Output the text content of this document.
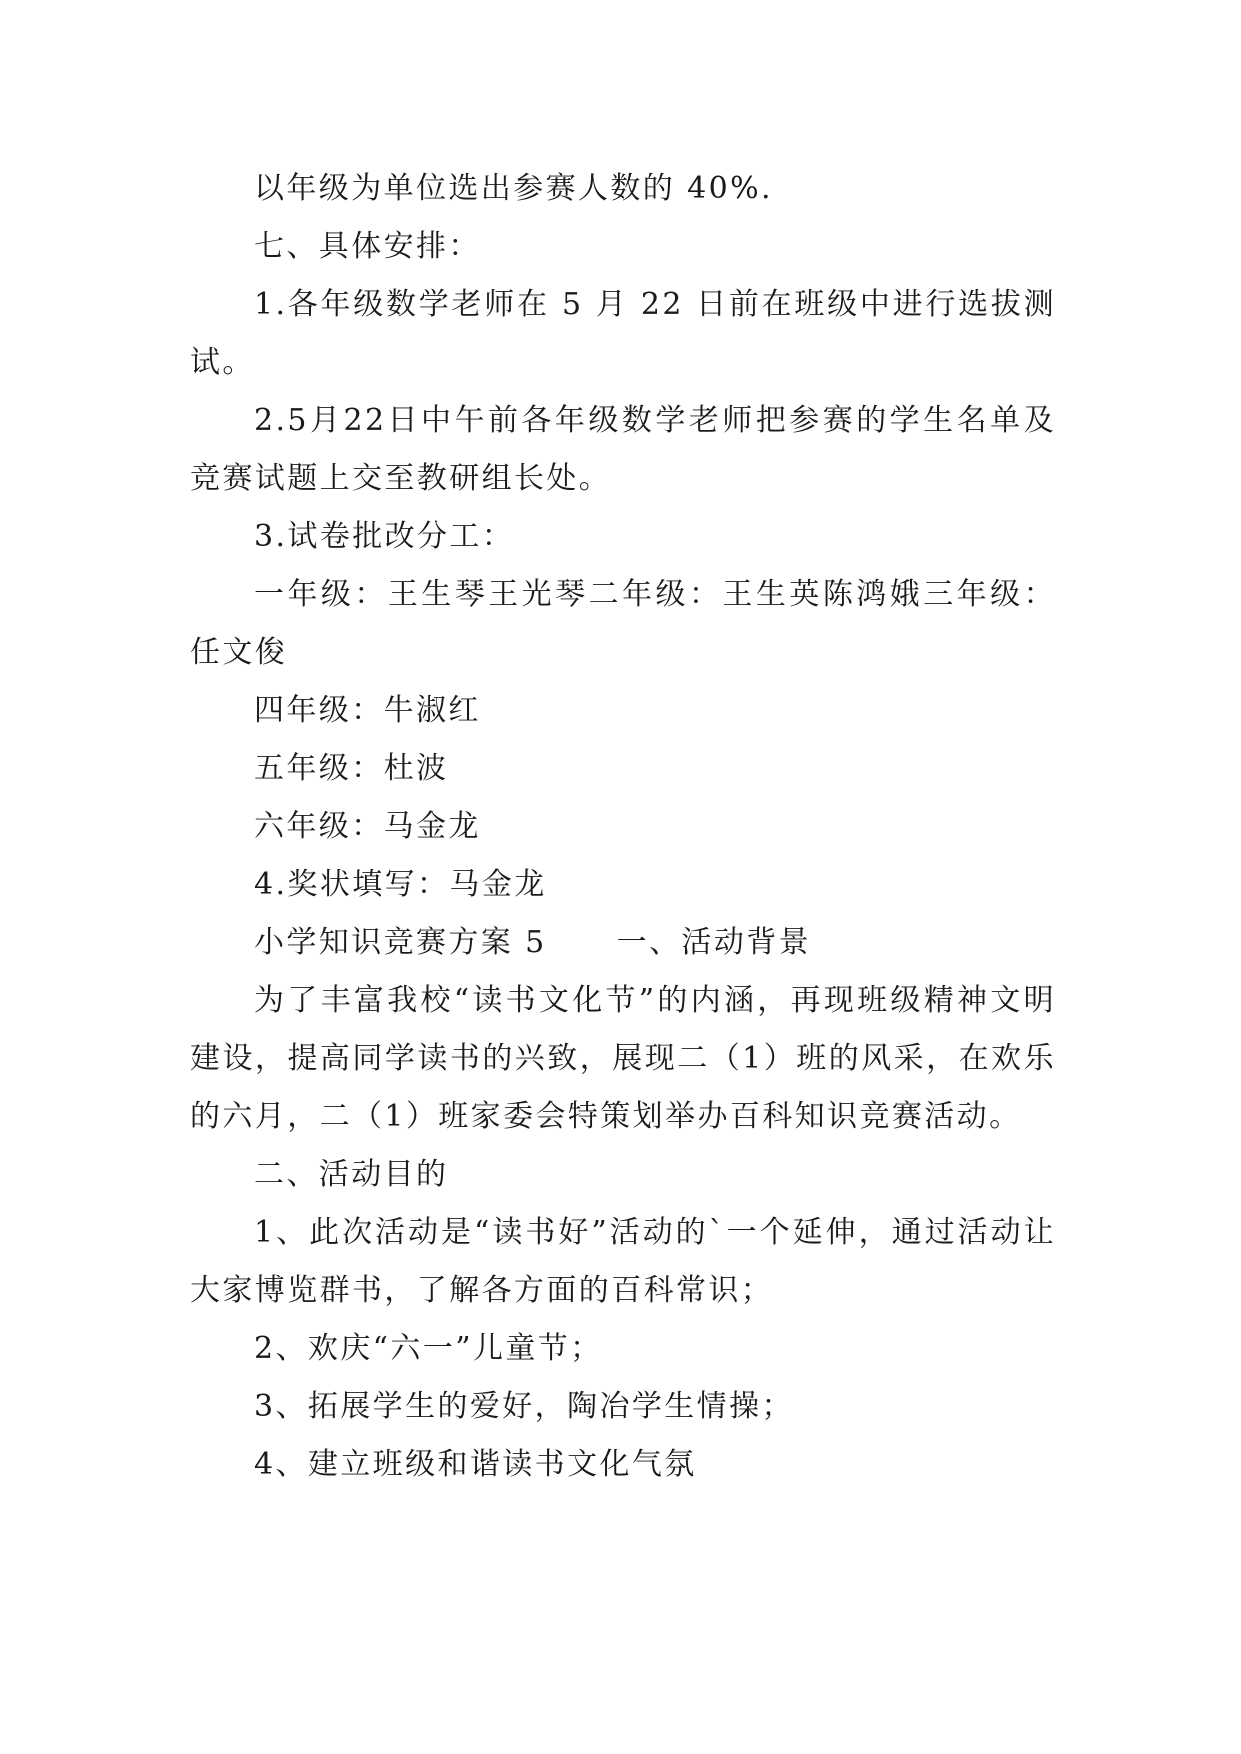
以年级为单位选出参赛人数的 40%.

七、具体安排：

1.各年级数学老师在 5 月 22 日前在班级中进行选拔测试。

2.5月22日中午前各年级数学老师把参赛的学生名单及竞赛试题上交至教研组长处。

3.试卷批改分工：

一年级：王生琴王光琴二年级：王生英陈鸿娥三年级：任文俊

四年级：牛淑红

五年级：杜波

六年级：马金龙

4.奖状填写：马金龙

小学知识竞赛方案 5 一、活动背景

为了丰富我校“读书文化节”的内涵，再现班级精神文明建设，提高同学读书的兴致，展现二（1）班的风采，在欢乐的六月，二（1）班家委会特策划举办百科知识竞赛活动。

二、活动目的

1、此次活动是“读书好”活动的`一个延伸，通过活动让大家博览群书，了解各方面的百科常识；

2、欢庆“六一”儿童节；

3、拓展学生的爱好，陶冶学生情操；

4、建立班级和谐读书文化气氛
